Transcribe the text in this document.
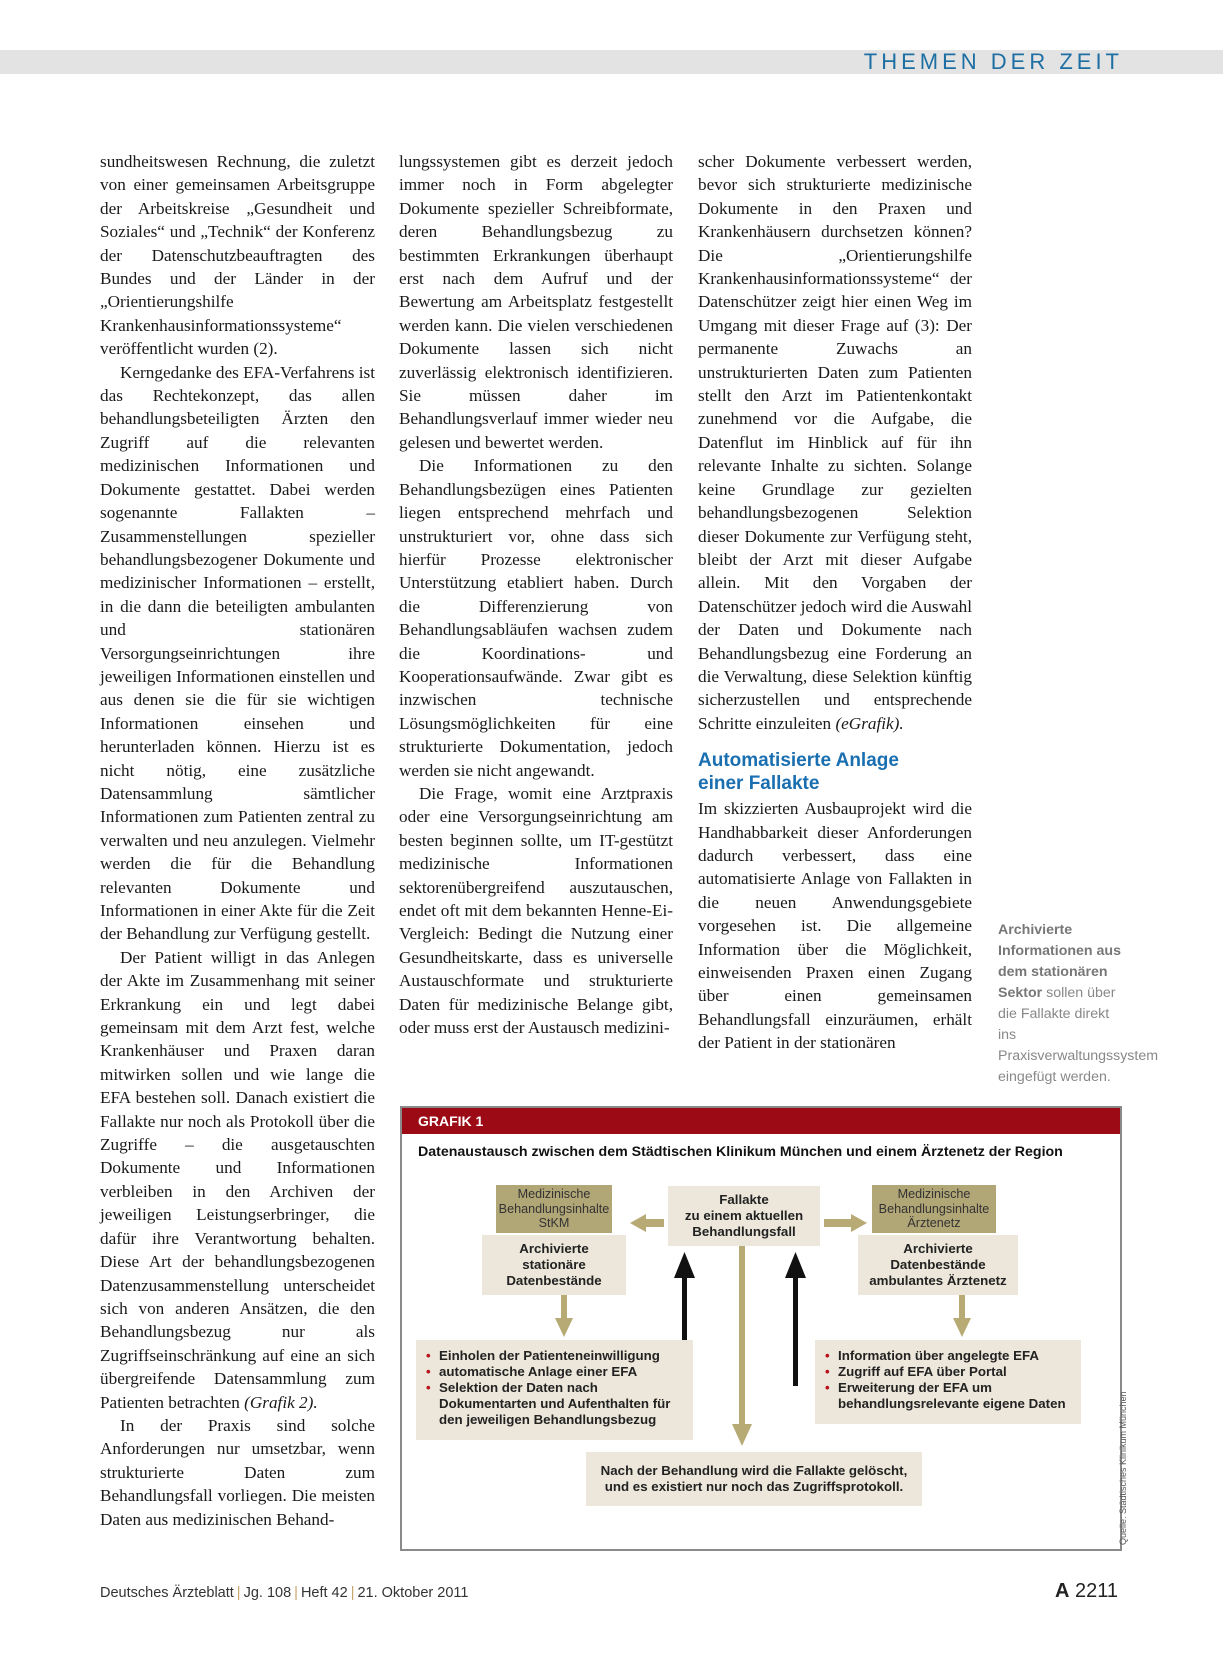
THEMEN DER ZEIT

sundheitswesen Rechnung, die zuletzt von einer gemeinsamen Arbeitsgruppe der Arbeitskreise „Gesundheit und Soziales“ und „Technik“ der Konferenz der Datenschutzbeauftragten des Bundes und der Länder in der „Orientierungshilfe Krankenhausinformationssysteme“ veröffentlicht wurden (2).

Kerngedanke des EFA-Verfahrens ist das Rechtekonzept, das allen behandlungsbeteiligten Ärzten den Zugriff auf die relevanten medizinischen Informationen und Dokumente gestattet. Dabei werden sogenannte Fallakten – Zusammenstellungen spezieller behandlungsbezogener Dokumente und medizinischer Informationen – erstellt, in die dann die beteiligten ambulanten und stationären Versorgungseinrichtungen ihre jeweiligen Informationen einstellen und aus denen sie die für sie wichtigen Informationen einsehen und herunterladen können. Hierzu ist es nicht nötig, eine zusätzliche Datensammlung sämtlicher Informationen zum Patienten zentral zu verwalten und neu anzulegen. Vielmehr werden die für die Behandlung relevanten Dokumente und Informationen in einer Akte für die Zeit der Behandlung zur Verfügung gestellt.

Der Patient willigt in das Anlegen der Akte im Zusammenhang mit seiner Erkrankung ein und legt dabei gemeinsam mit dem Arzt fest, welche Krankenhäuser und Praxen daran mitwirken sollen und wie lange die EFA bestehen soll. Danach existiert die Fallakte nur noch als Protokoll über die Zugriffe – die ausgetauschten Dokumente und Informationen verbleiben in den Archiven der jeweiligen Leistungserbringer, die dafür ihre Verantwortung behalten. Diese Art der behandlungsbezogenen Datenzusammenstellung unterscheidet sich von anderen Ansätzen, die den Behandlungsbezug nur als Zugriffseinschränkung auf eine an sich übergreifende Datensammlung zum Patienten betrachten (Grafik 2).

In der Praxis sind solche Anforderungen nur umsetzbar, wenn strukturierte Daten zum Behandlungsfall vorliegen. Die meisten Daten aus medizinischen Behand-

lungssystemen gibt es derzeit jedoch immer noch in Form abgelegter Dokumente spezieller Schreibformate, deren Behandlungsbezug zu bestimmten Erkrankungen überhaupt erst nach dem Aufruf und der Bewertung am Arbeitsplatz festgestellt werden kann. Die vielen verschiedenen Dokumente lassen sich nicht zuverlässig elektronisch identifizieren. Sie müssen daher im Behandlungsverlauf immer wieder neu gelesen und bewertet werden.

Die Informationen zu den Behandlungsbezügen eines Patienten liegen entsprechend mehrfach und unstrukturiert vor, ohne dass sich hierfür Prozesse elektronischer Unterstützung etabliert haben. Durch die Differenzierung von Behandlungsabläufen wachsen zudem die Koordinations- und Kooperationsaufwände. Zwar gibt es inzwischen technische Lösungsmöglichkeiten für eine strukturierte Dokumentation, jedoch werden sie nicht angewandt.

Die Frage, womit eine Arztpraxis oder eine Versorgungseinrichtung am besten beginnen sollte, um IT-gestützt medizinische Informationen sektorenübergreifend auszutauschen, endet oft mit dem bekannten Henne-Ei-Vergleich: Bedingt die Nutzung einer Gesundheitskarte, dass es universelle Austauschformate und strukturierte Daten für medizinische Belange gibt, oder muss erst der Austausch medizini-

scher Dokumente verbessert werden, bevor sich strukturierte medizinische Dokumente in den Praxen und Krankenhäusern durchsetzen können? Die „Orientierungshilfe Krankenhausinformationssysteme“ der Datenschützer zeigt hier einen Weg im Umgang mit dieser Frage auf (3): Der permanente Zuwachs an unstrukturierten Daten zum Patienten stellt den Arzt im Patientenkontakt zunehmend vor die Aufgabe, die Datenflut im Hinblick auf für ihn relevante Inhalte zu sichten. Solange keine Grundlage zur gezielten behandlungsbezogenen Selektion dieser Dokumente zur Verfügung steht, bleibt der Arzt mit dieser Aufgabe allein. Mit den Vorgaben der Datenschützer jedoch wird die Auswahl der Daten und Dokumente nach Behandlungsbezug eine Forderung an die Verwaltung, diese Selektion künftig sicherzustellen und entsprechende Schritte einzuleiten (eGrafik).

Automatisierte Anlage
einer Fallakte

Im skizzierten Ausbauprojekt wird die Handhabbarkeit dieser Anforderungen dadurch verbessert, dass eine automatisierte Anlage von Fallakten in die neuen Anwendungsgebiete vorgesehen ist. Die allgemeine Information über die Möglichkeit, einweisenden Praxen einen Zugang über einen gemeinsamen Behandlungsfall einzuräumen, erhält der Patient in der stationären

Archivierte Informationen aus dem stationären Sektor sollen über die Fallakte direkt ins Praxisverwaltungssystem eingefügt werden.
GRAFIK 1
Datenaustausch zwischen dem Städtischen Klinikum München und einem Ärztenetz der Region
Medizinische
Behandlungsinhalte
StKM
Archivierte
stationäre
Datenbestände
Fallakte
zu einem aktuellen
Behandlungsfall
Medizinische
Behandlungsinhalte
Ärztenetz
Archivierte
Datenbestände
ambulantes Ärztenetz
• Einholen der Patienteneinwilligung
• automatische Anlage einer EFA
• Selektion der Daten nach Dokumentarten und Aufenthalten für den jeweiligen Behandlungsbezug
• Information über angelegte EFA
• Zugriff auf EFA über Portal
• Erweiterung der EFA um behandlungsrelevante eigene Daten
Nach der Behandlung wird die Fallakte gelöscht,
und es existiert nur noch das Zugriffsprotokoll.	Quelle: Städtisches Klinikum München
Deutsches Ärzteblatt | Jg. 108 | Heft 42 | 21. Oktober 2011	A 2211
